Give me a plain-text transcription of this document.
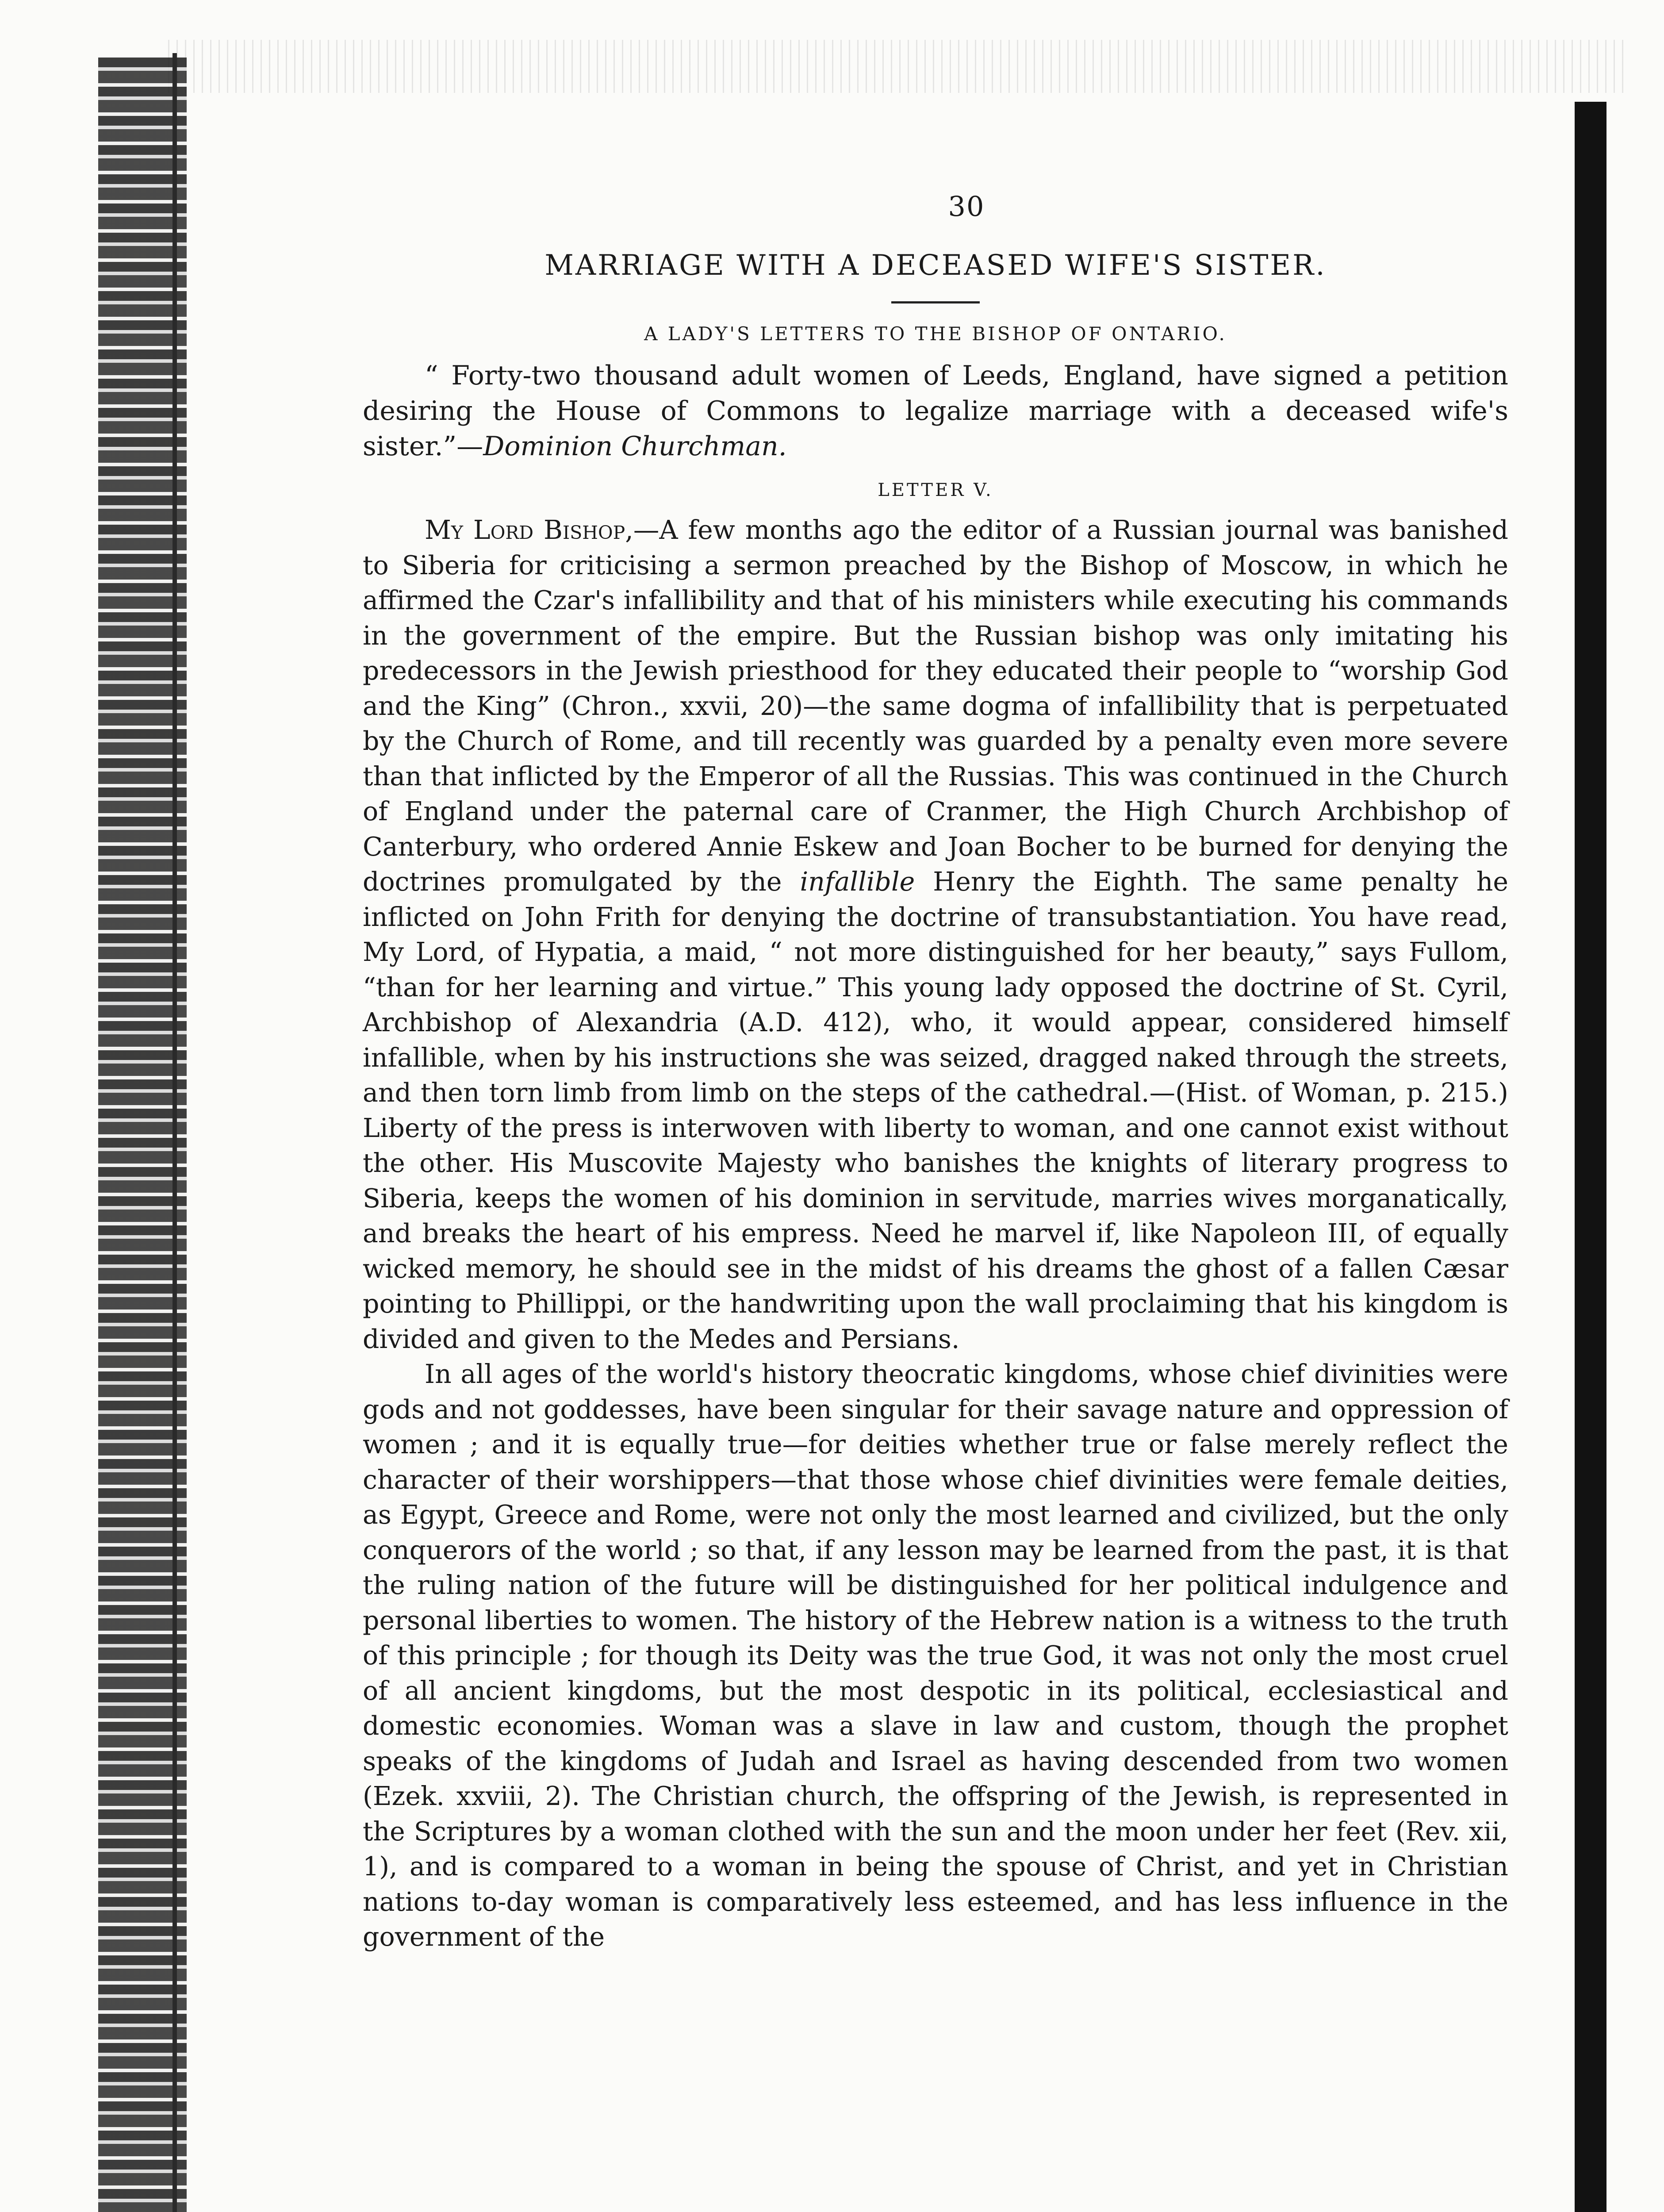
30
MARRIAGE WITH A DECEASED WIFE'S SISTER.
A LADY'S LETTERS TO THE BISHOP OF ONTARIO.

“ Forty-two thousand adult women of Leeds, England, have signed a petition desiring the House of Commons to legalize marriage with a deceased wife's sister.”—Dominion Churchman.

LETTER V.

My Lord Bishop,—A few months ago the editor of a Russian journal was banished to Siberia for criticising a sermon preached by the Bishop of Moscow, in which he affirmed the Czar's infallibility and that of his ministers while executing his commands in the government of the empire. But the Russian bishop was only imitating his predecessors in the Jewish priesthood for they educated their people to “worship God and the King” (Chron., xxvii, 20)—the same dogma of infallibility that is perpetuated by the Church of Rome, and till recently was guarded by a penalty even more severe than that inflicted by the Emperor of all the Russias. This was continued in the Church of England under the paternal care of Cranmer, the High Church Archbishop of Canterbury, who ordered Annie Eskew and Joan Bocher to be burned for denying the doctrines promulgated by the infallible Henry the Eighth. The same penalty he inflicted on John Frith for denying the doctrine of transubstantiation. You have read, My Lord, of Hypatia, a maid, “ not more distinguished for her beauty,” says Fullom, “than for her learning and virtue.” This young lady opposed the doctrine of St. Cyril, Archbishop of Alexandria (A.D. 412), who, it would appear, considered himself infallible, when by his instructions she was seized, dragged naked through the streets, and then torn limb from limb on the steps of the cathedral.—(Hist. of Woman, p. 215.) Liberty of the press is interwoven with liberty to woman, and one cannot exist without the other. His Muscovite Majesty who banishes the knights of literary progress to Siberia, keeps the women of his dominion in servitude, marries wives morganatically, and breaks the heart of his empress. Need he marvel if, like Napoleon III, of equally wicked memory, he should see in the midst of his dreams the ghost of a fallen Cæsar pointing to Phillippi, or the handwriting upon the wall proclaiming that his kingdom is divided and given to the Medes and Persians.

In all ages of the world's history theocratic kingdoms, whose chief divinities were gods and not goddesses, have been singular for their savage nature and oppression of women ; and it is equally true—for deities whether true or false merely reflect the character of their worshippers—that those whose chief divinities were female deities, as Egypt, Greece and Rome, were not only the most learned and civilized, but the only conquerors of the world ; so that, if any lesson may be learned from the past, it is that the ruling nation of the future will be distinguished for her political indulgence and personal liberties to women. The history of the Hebrew nation is a witness to the truth of this principle ; for though its Deity was the true God, it was not only the most cruel of all ancient kingdoms, but the most despotic in its political, ecclesiastical and domestic economies. Woman was a slave in law and custom, though the prophet speaks of the kingdoms of Judah and Israel as having descended from two women (Ezek. xxviii, 2). The Christian church, the offspring of the Jewish, is represented in the Scriptures by a woman clothed with the sun and the moon under her feet (Rev. xii, 1), and is compared to a woman in being the spouse of Christ, and yet in Christian nations to-day woman is comparatively less esteemed, and has less influence in the government of the
